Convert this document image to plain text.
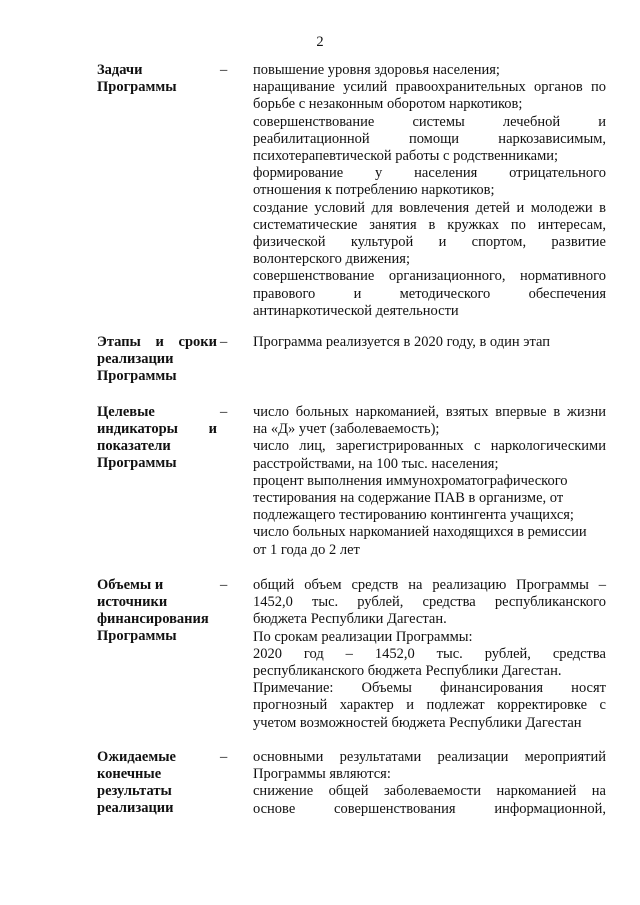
2
Задачи
Программы
– повышение уровня здоровья населения;
наращивание усилий правоохранительных органов по
борьбе с незаконным оборотом наркотиков;
совершенствование системы лечебной и
реабилитационной помощи наркозависимым,
психотерапевтической работы с родственниками;
формирование у населения отрицательного
отношения к потреблению наркотиков;
создание условий для вовлечения детей и молодежи в
систематические занятия в кружках по интересам,
физической культурой и спортом, развитие
волонтерского движения;
совершенствование организационного, нормативного
правового и методического обеспечения
антинаркотической деятельности
Этапы и сроки
реализации
Программы
– Программа реализуется в 2020 году, в один этап
Целевые
индикаторы и
показатели
Программы
– число больных наркоманией, взятых впервые в жизни
на «Д» учет (заболеваемость);
число лиц, зарегистрированных с наркологическими
расстройствами, на 100 тыс. населения;
процент выполнения иммунохроматографического
тестирования на содержание ПАВ в организме, от
подлежащего тестированию контингента учащихся;
число больных наркоманией находящихся в ремиссии
от 1 года до 2 лет
Объемы и
источники
финансирования
Программы
– общий объем средств на реализацию Программы –
1452,0 тыс. рублей, средства республиканского
бюджета Республики Дагестан.
По срокам реализации Программы:
2020 год – 1452,0 тыс. рублей, средства
республиканского бюджета Республики Дагестан.
Примечание: Объемы финансирования носят
прогнозный характер и подлежат корректировке с
учетом возможностей бюджета Республики Дагестан
Ожидаемые
конечные
результаты
реализации
– основными результатами реализации мероприятий
Программы являются:
снижение общей заболеваемости наркоманией на
основе совершенствования информационной,
